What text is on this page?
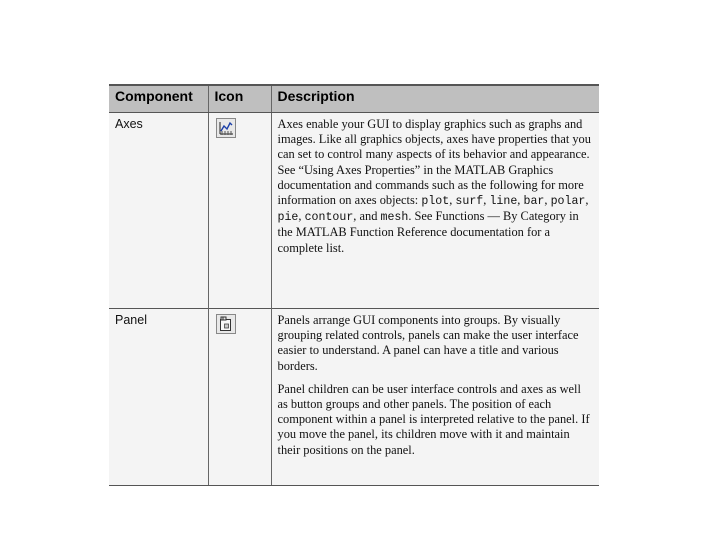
Component	Icon	Description
Axes		Axes enable your GUI to display graphics such as graphs and images. Like all graphics objects, axes have properties that you can set to control many aspects of its behavior and appearance. See “Using Axes Properties” in the MATLAB Graphics documentation and commands such as the following for more information on axes objects: plot, surf, line, bar, polar, pie, contour, and mesh. See Functions — By Category in the MATLAB Function Reference documentation for a complete list.

Panel		Panels arrange GUI components into groups. By visually grouping related controls, panels can make the user interface easier to understand. A panel can have a title and various borders.

Panel children can be user interface controls and axes as well as button groups and other panels. The position of each component within a panel is interpreted relative to the panel. If you move the panel, its children move with it and maintain their positions on the panel.
